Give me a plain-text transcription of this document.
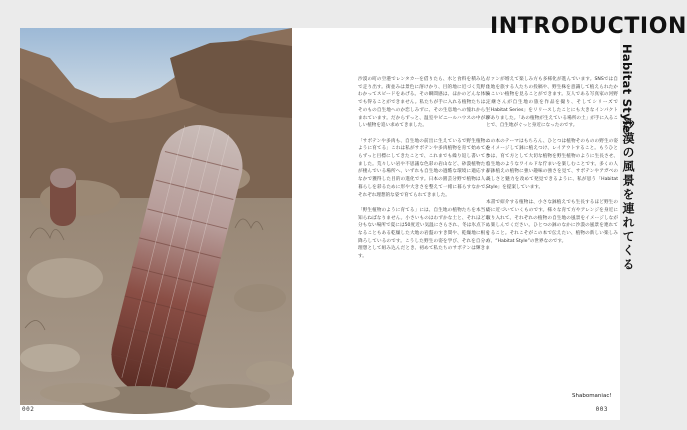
002

沙漠の町の空港でレンタカーを借りたら、水と食料を積み込んで走り出す。街並みは景色に溶けかり、目的地に近づく荒野にわかってスピードをあげる。その瞬間感は、ほかのどんな体験でも得ることができません。私たちが手に入れる植物たちは、そのもの自生地へのか恋しみずに、その生息地への憧れから生まれています。だからずっと、温室やビニールハウスの中が珍しい植物を追い求めてきました。

「サボテンや多肉も、自生地の前出に生えているで野生植物のように育てる」これは私がサボテンや多肉植物を育て始めてからずっと目標にしてきたことで、これまでも繰り返し書いてきました。荒々しい岩や不思議な色彩の岩山など、砂漠植物たちが棲んでいる場所へ、いずれも自生地の過酷な環境に適応するなかで獲得した目的の進化です。日本の園芸分野で植物は人の暮らしを彩るために形や大きさを整えて一緒に暮らすなかで、それぞれ理想的な姿で育てられてきました。

「野生植物のように育てる」には、自生地の植物たちを本当に知らねばなりません。小さいものはわずかな土と、それほど水分もない場所で夏には50度近い気温にさらされ、冬は氷点下になることもある乾燥した大地の岩盤のすき間や、乾燥地に根を降ろしているのです。こうした野生の姿を学び、それを自分の理想として組み込んだとき、初めて私たちのサボテンは輝きます。

ファンが増えて楽しみ方も多様化が進んでいます。SNSでは自生地を旅する人たちの投稿や、野生株を意識して植えられたかっこいい植物を見ることができます。友人である写真家の河野定継さんが自生地の旅を作品を撮り、そしてシリーズで「Habitat Series」をリリースしたことにも大きなインパクトがありました。「あの植物が生えている場所の土」が手に入ることで、自生地がぐっと身近になったのです。

この本のテーマはもちろん、ひとつは植物そのものの野生の姿をイメージして鉢に植えつけ、レイアウトすること。もうひとつは、育て方として大切な植物を野生植物のように生長させ、自生地のようなワイルドな佇まいを楽しむことです。多くの人が鉢植えの植物に強い趣味の強さを見て、サボテンやアガベの美しさと魅力を改めて発見できるように、私が思う「Habitat Style」を提案しています。

本書で紹介する植物は、小さな鉢植えでも生長するほど野生の姿に近づいていくものです。様々な育て方やアレンジを身近に取り入れて、それぞれの植物の自生地の風景をイメージしながら楽しんでください。ひとつの鉢のなかに沙漠の風景を連れてくること。それこそがこの本で伝えたい、植物の新しい楽しみ方、“Habitat Style”の世界なのです。

Shabomaniac!
003
INTRODUCTION
Habitat Style
沙漠の風景を連れてくる
